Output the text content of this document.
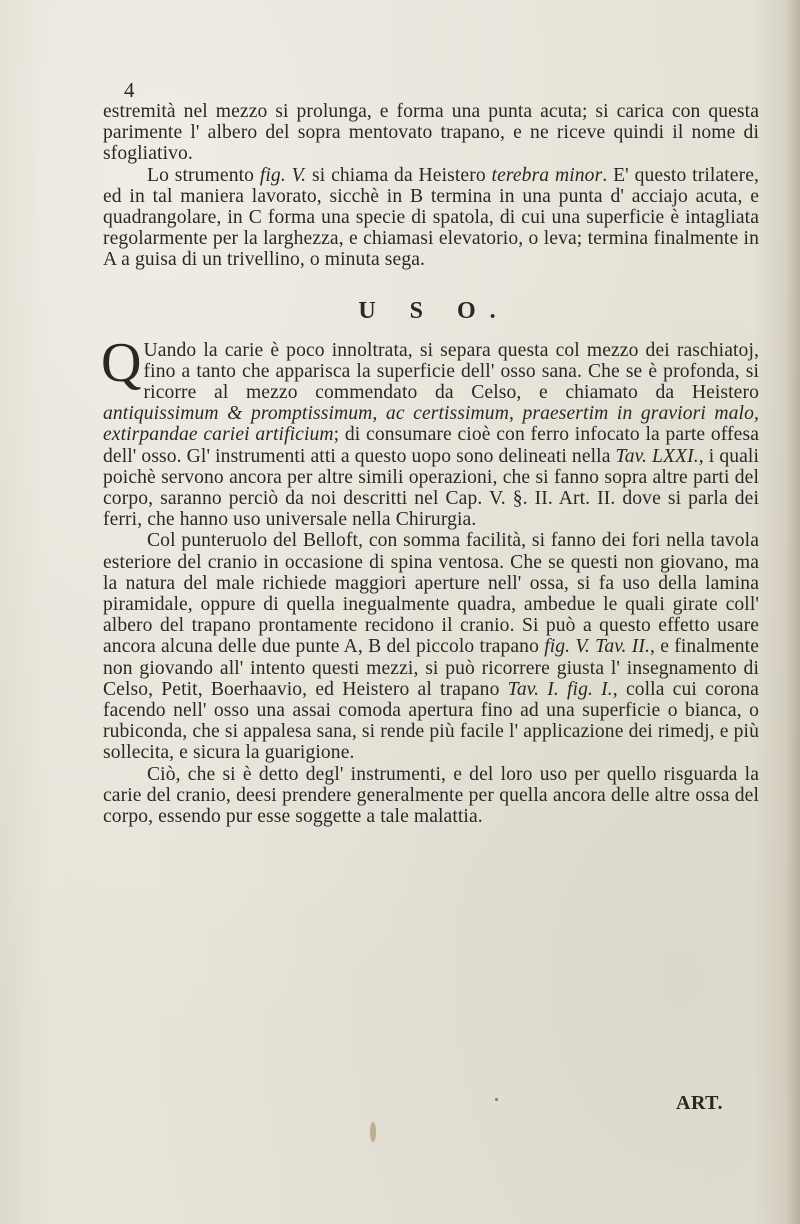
4

estremità nel mezzo si prolunga, e forma una punta acuta; si carica con questa parimente l' albero del sopra mentovato trapano, e ne riceve quindi il nome di sfogliativo.

Lo strumento fig. V. si chiama da Heistero terebra minor. E' questo trilatere, ed in tal maniera lavorato, sicchè in B termina in una punta d' acciajo acuta, e quadrangolare, in C forma una specie di spatola, di cui una superficie è intagliata regolarmente per la larghezza, e chiamasi elevatorio, o leva; termina finalmente in A a guisa di un trivellino, o minuta sega.

U S O.

Q Uando la carie è poco innoltrata, si separa questa col mezzo dei raschiatoj, fino a tanto che apparisca la superficie dell' osso sana. Che se è profonda, si ricorre al mezzo commendato da Celso, e chiamato da Heistero antiquissimum & promptissimum, ac certissimum, praesertim in graviori malo, extirpandae cariei artificium; di consumare cioè con ferro infocato la parte offesa dell' osso. Gl' instrumenti atti a questo uopo sono delineati nella Tav. LXXI., i quali poichè servono ancora per altre simili operazioni, che si fanno sopra altre parti del corpo, saranno perciò da noi descritti nel Cap. V. §. II. Art. II. dove si parla dei ferri, che hanno uso universale nella Chirurgia.

Col punteruolo del Belloft, con somma facilità, si fanno dei fori nella tavola esteriore del cranio in occasione di spina ventosa. Che se questi non giovano, ma la natura del male richiede maggiori aperture nell' ossa, si fa uso della lamina piramidale, oppure di quella inegualmente quadra, ambedue le quali girate coll' albero del trapano prontamente recidono il cranio. Si può a questo effetto usare ancora alcuna delle due punte A, B del piccolo trapano fig. V. Tav. II., e finalmente non giovando all' intento questi mezzi, si può ricorrere giusta l' insegnamento di Celso, Petit, Boerhaavio, ed Heistero al trapano Tav. I. fig. I., colla cui corona facendo nell' osso una assai comoda apertura fino ad una superficie o bianca, o rubiconda, che si appalesa sana, si rende più facile l' applicazione dei rimedj, e più sollecita, e sicura la guarigione.

Ciò, che si è detto degl' instrumenti, e del loro uso per quello risguarda la carie del cranio, deesi prendere generalmente per quella ancora delle altre ossa del corpo, essendo pur esse soggette a tale malattia.

ART.
